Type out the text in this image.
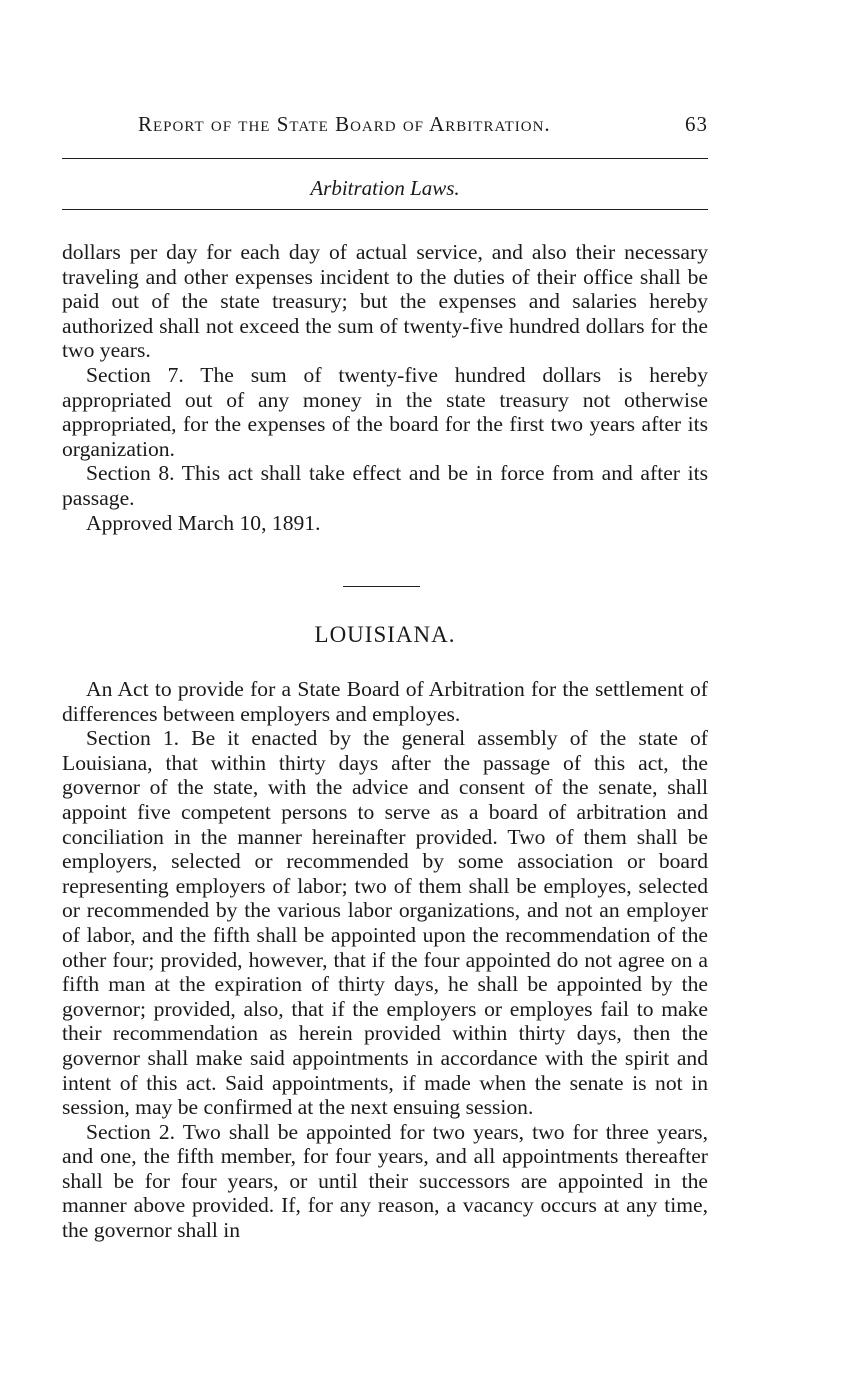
Report of the State Board of Arbitration.	63
Arbitration Laws.

dollars per day for each day of actual service, and also their necessary traveling and other expenses incident to the duties of their office shall be paid out of the state treasury; but the expenses and salaries hereby authorized shall not exceed the sum of twenty-five hundred dollars for the two years.

Section 7. The sum of twenty-five hundred dollars is hereby appropriated out of any money in the state treasury not otherwise appropriated, for the expenses of the board for the first two years after its organization.

Section 8. This act shall take effect and be in force from and after its passage.

Approved March 10, 1891.

LOUISIANA.

An Act to provide for a State Board of Arbitration for the settlement of differences between employers and employes.

Section 1. Be it enacted by the general assembly of the state of Louisiana, that within thirty days after the passage of this act, the governor of the state, with the advice and consent of the senate, shall appoint five competent persons to serve as a board of arbitration and conciliation in the manner hereinafter provided. Two of them shall be employers, selected or recommended by some association or board representing employers of labor; two of them shall be employes, selected or recommended by the various labor organizations, and not an employer of labor, and the fifth shall be appointed upon the recommendation of the other four; provided, however, that if the four appointed do not agree on a fifth man at the expiration of thirty days, he shall be appointed by the governor; provided, also, that if the employers or employes fail to make their recommendation as herein provided within thirty days, then the governor shall make said appointments in accordance with the spirit and intent of this act. Said appointments, if made when the senate is not in session, may be confirmed at the next ensuing session.

Section 2. Two shall be appointed for two years, two for three years, and one, the fifth member, for four years, and all appointments thereafter shall be for four years, or until their successors are appointed in the manner above provided. If, for any reason, a vacancy occurs at any time, the governor shall in
